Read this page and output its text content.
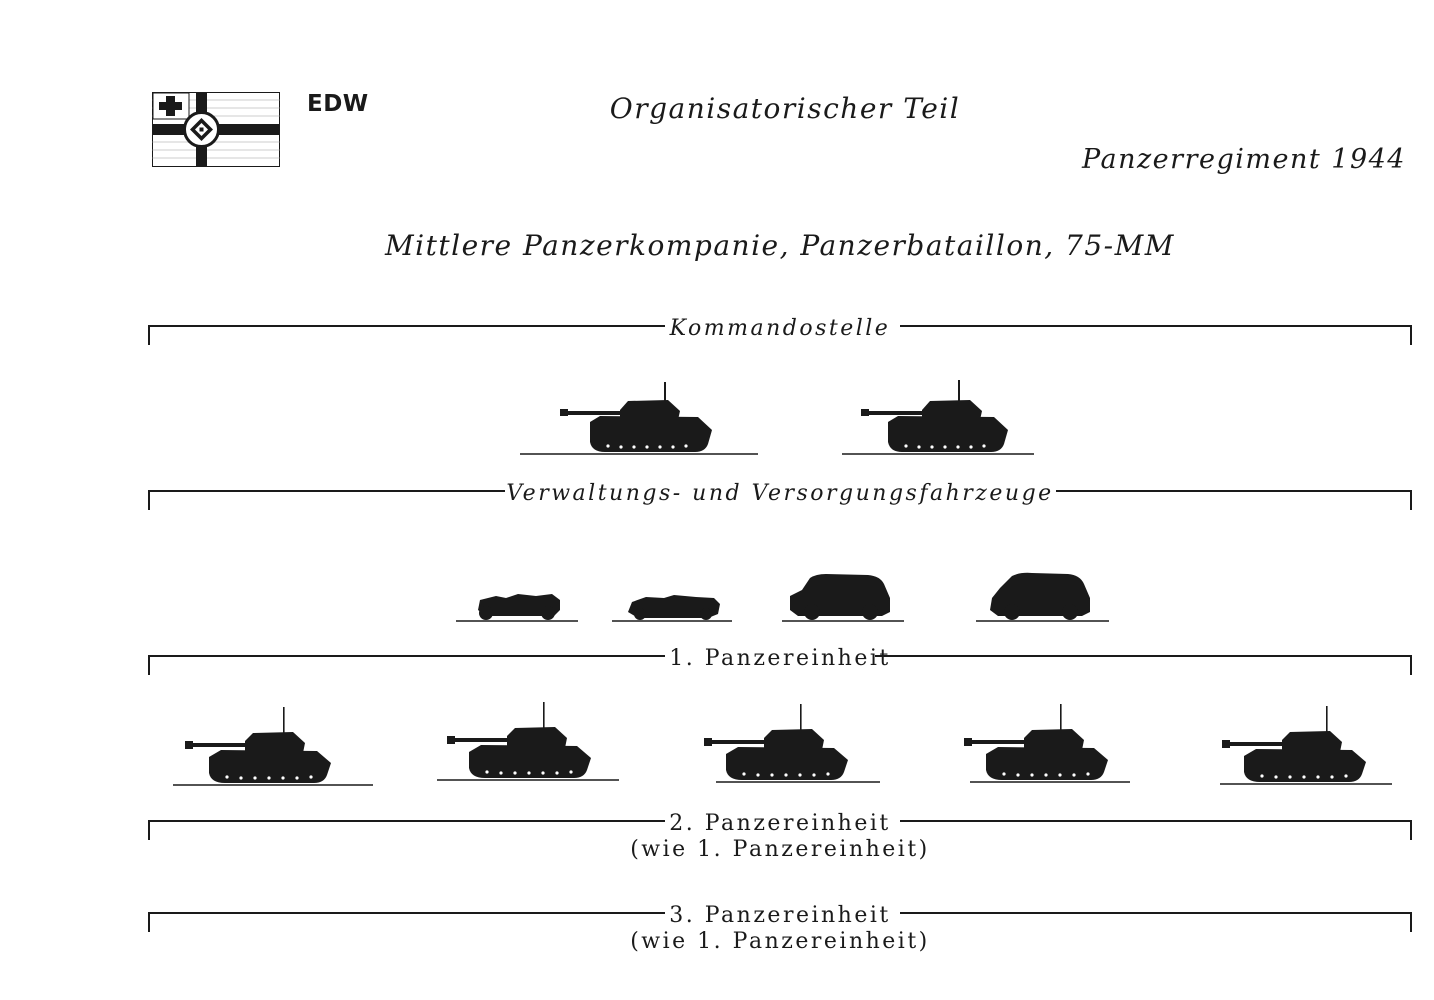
EDW	Organisatorischer Teil
Panzerregiment 1944
Mittlere Panzerkompanie, Panzerbataillon, 75-MM
Kommandostelle
Verwaltungs- und Versorgungsfahrzeuge
1. Panzereinheit
2. Panzereinheit
(wie 1. Panzereinheit)
3. Panzereinheit
(wie 1. Panzereinheit)
